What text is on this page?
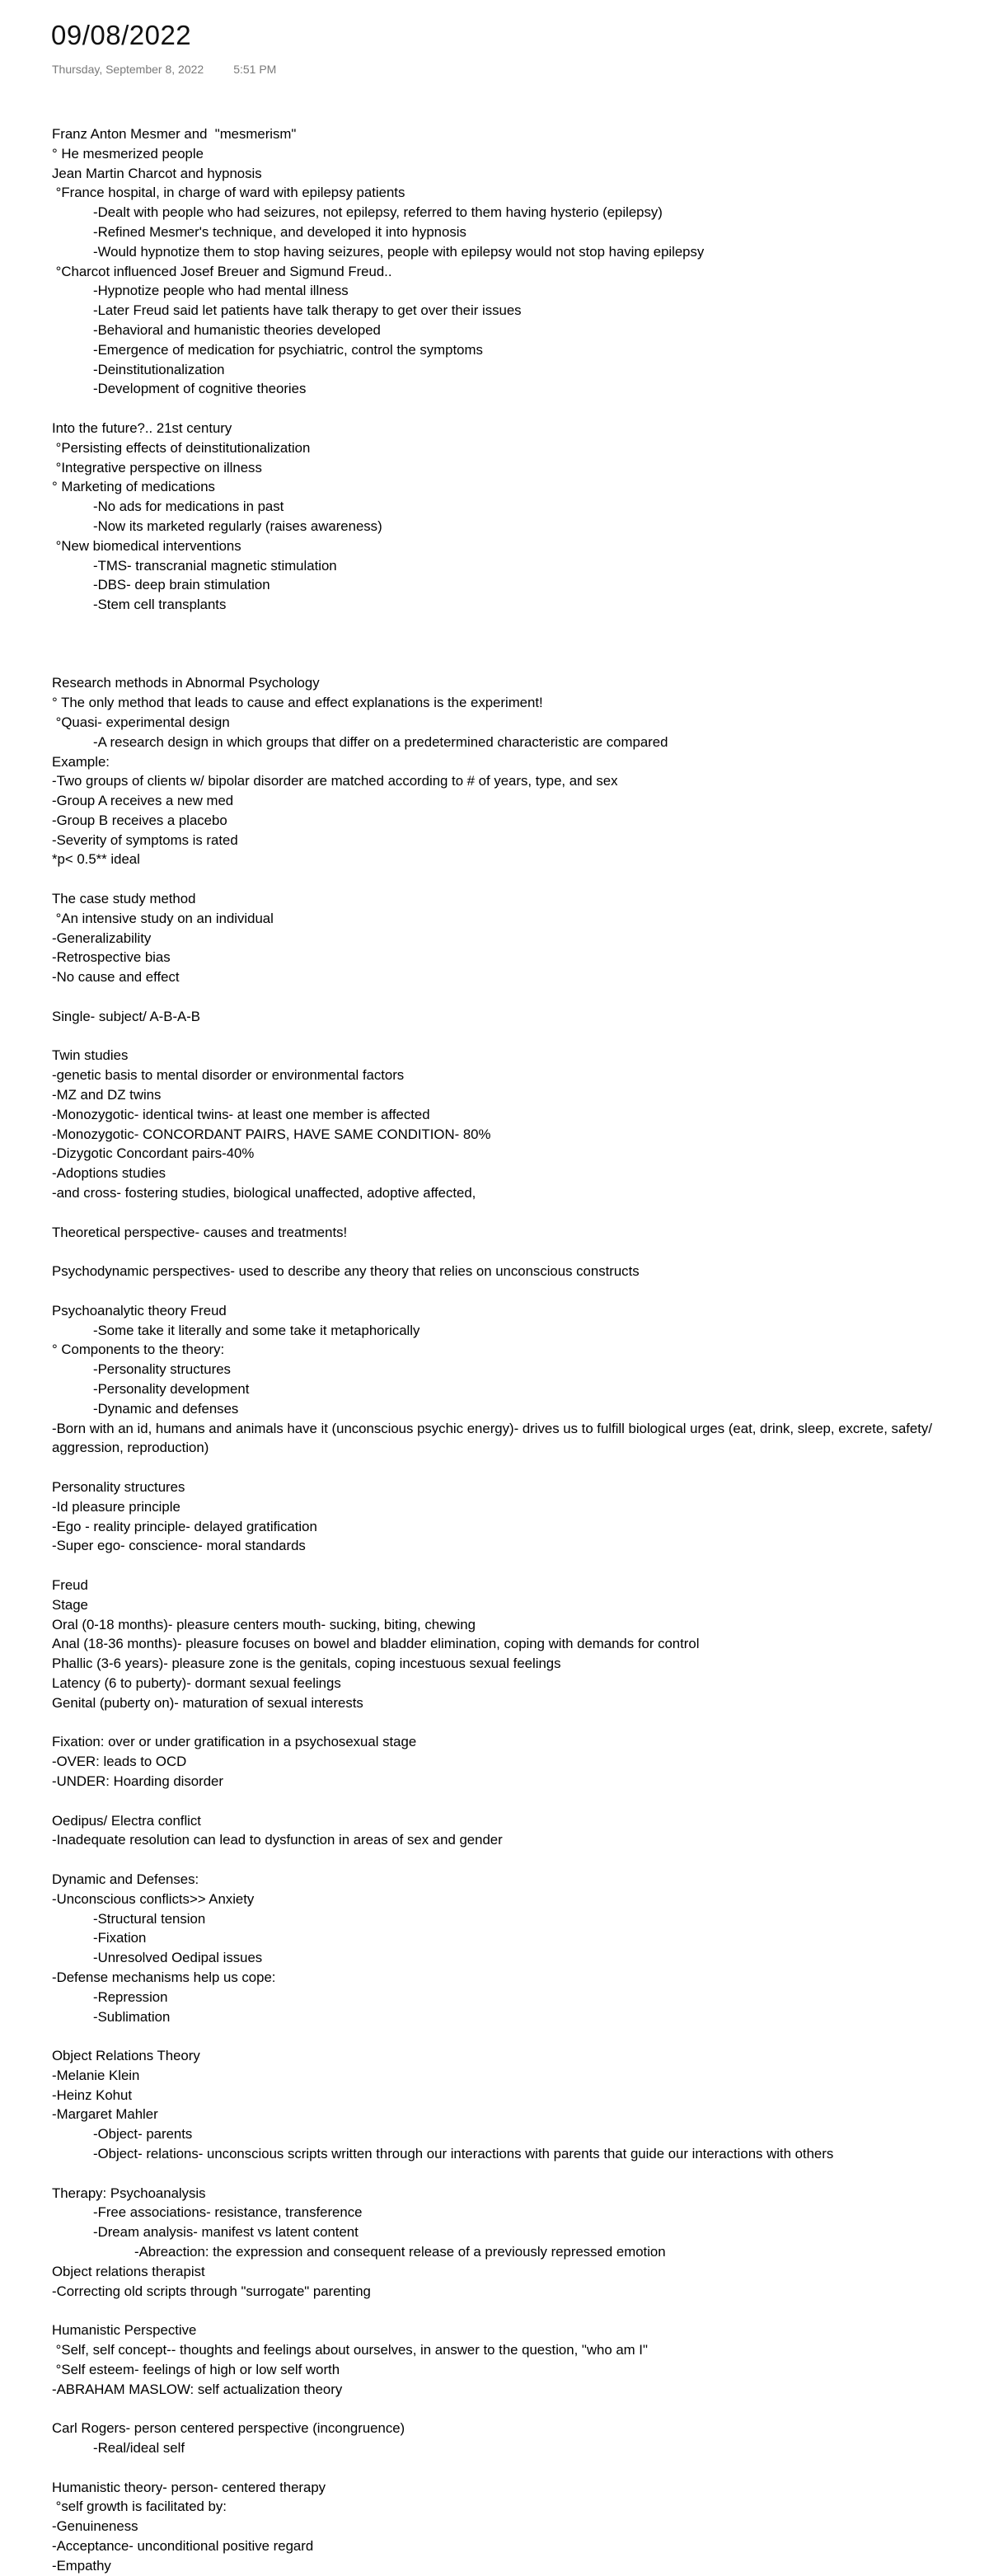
09/08/2022
Thursday, September 8, 2022	5:51 PM
Franz Anton Mesmer and  "mesmerism"
° He mesmerized people
Jean Martin Charcot and hypnosis
°France hospital, in charge of ward with epilepsy patients
-Dealt with people who had seizures, not epilepsy, referred to them having hysterio (epilepsy)
-Refined Mesmer's technique, and developed it into hypnosis
-Would hypnotize them to stop having seizures, people with epilepsy would not stop having epilepsy
°Charcot influenced Josef Breuer and Sigmund Freud..
-Hypnotize people who had mental illness
-Later Freud said let patients have talk therapy to get over their issues
-Behavioral and humanistic theories developed
-Emergence of medication for psychiatric, control the symptoms
-Deinstitutionalization
-Development of cognitive theories
Into the future?.. 21st century
°Persisting effects of deinstitutionalization
°Integrative perspective on illness
° Marketing of medications
-No ads for medications in past
-Now its marketed regularly (raises awareness)
°New biomedical interventions
-TMS- transcranial magnetic stimulation
-DBS- deep brain stimulation
-Stem cell transplants
Research methods in Abnormal Psychology
° The only method that leads to cause and effect explanations is the experiment!
°Quasi- experimental design
-A research design in which groups that differ on a predetermined characteristic are compared
Example:
-Two groups of clients w/ bipolar disorder are matched according to # of years, type, and sex
-Group A receives a new med
-Group B receives a placebo
-Severity of symptoms is rated
*p< 0.5** ideal
The case study method
°An intensive study on an individual
-Generalizability
-Retrospective bias
-No cause and effect
Single- subject/ A-B-A-B
Twin studies
-genetic basis to mental disorder or environmental factors
-MZ and DZ twins
-Monozygotic- identical twins- at least one member is affected
-Monozygotic- CONCORDANT PAIRS, HAVE SAME CONDITION- 80%
-Dizygotic Concordant pairs-40%
-Adoptions studies
-and cross- fostering studies, biological unaffected, adoptive affected,
Theoretical perspective- causes and treatments!
Psychodynamic perspectives- used to describe any theory that relies on unconscious constructs
Psychoanalytic theory Freud
-Some take it literally and some take it metaphorically
° Components to the theory:
-Personality structures
-Personality development
-Dynamic and defenses
-Born with an id, humans and animals have it (unconscious psychic energy)- drives us to fulfill biological urges (eat, drink, sleep, excrete, safety/ aggression, reproduction)
Personality structures
-Id pleasure principle
-Ego - reality principle- delayed gratification
-Super ego- conscience- moral standards
Freud
Stage
Oral (0-18 months)- pleasure centers mouth- sucking, biting, chewing
Anal (18-36 months)- pleasure focuses on bowel and bladder elimination, coping with demands for control
Phallic (3-6 years)- pleasure zone is the genitals, coping incestuous sexual feelings
Latency (6 to puberty)- dormant sexual feelings
Genital (puberty on)- maturation of sexual interests
Fixation: over or under gratification in a psychosexual stage
-OVER: leads to OCD
-UNDER: Hoarding disorder
Oedipus/ Electra conflict
-Inadequate resolution can lead to dysfunction in areas of sex and gender
Dynamic and Defenses:
-Unconscious conflicts>> Anxiety
-Structural tension
-Fixation
-Unresolved Oedipal issues
-Defense mechanisms help us cope:
-Repression
-Sublimation
Object Relations Theory
-Melanie Klein
-Heinz Kohut
-Margaret Mahler
-Object- parents
-Object- relations- unconscious scripts written through our interactions with parents that guide our interactions with others
Therapy: Psychoanalysis
-Free associations- resistance, transference
-Dream analysis- manifest vs latent content
-Abreaction: the expression and consequent release of a previously repressed emotion
Object relations therapist
-Correcting old scripts through "surrogate" parenting
Humanistic Perspective
°Self, self concept-- thoughts and feelings about ourselves, in answer to the question, "who am I"
°Self esteem- feelings of high or low self worth
-ABRAHAM MASLOW: self actualization theory
Carl Rogers- person centered perspective (incongruence)
-Real/ideal self
Humanistic theory- person- centered therapy
°self growth is facilitated by:
-Genuineness
-Acceptance- unconditional positive regard
-Empathy
